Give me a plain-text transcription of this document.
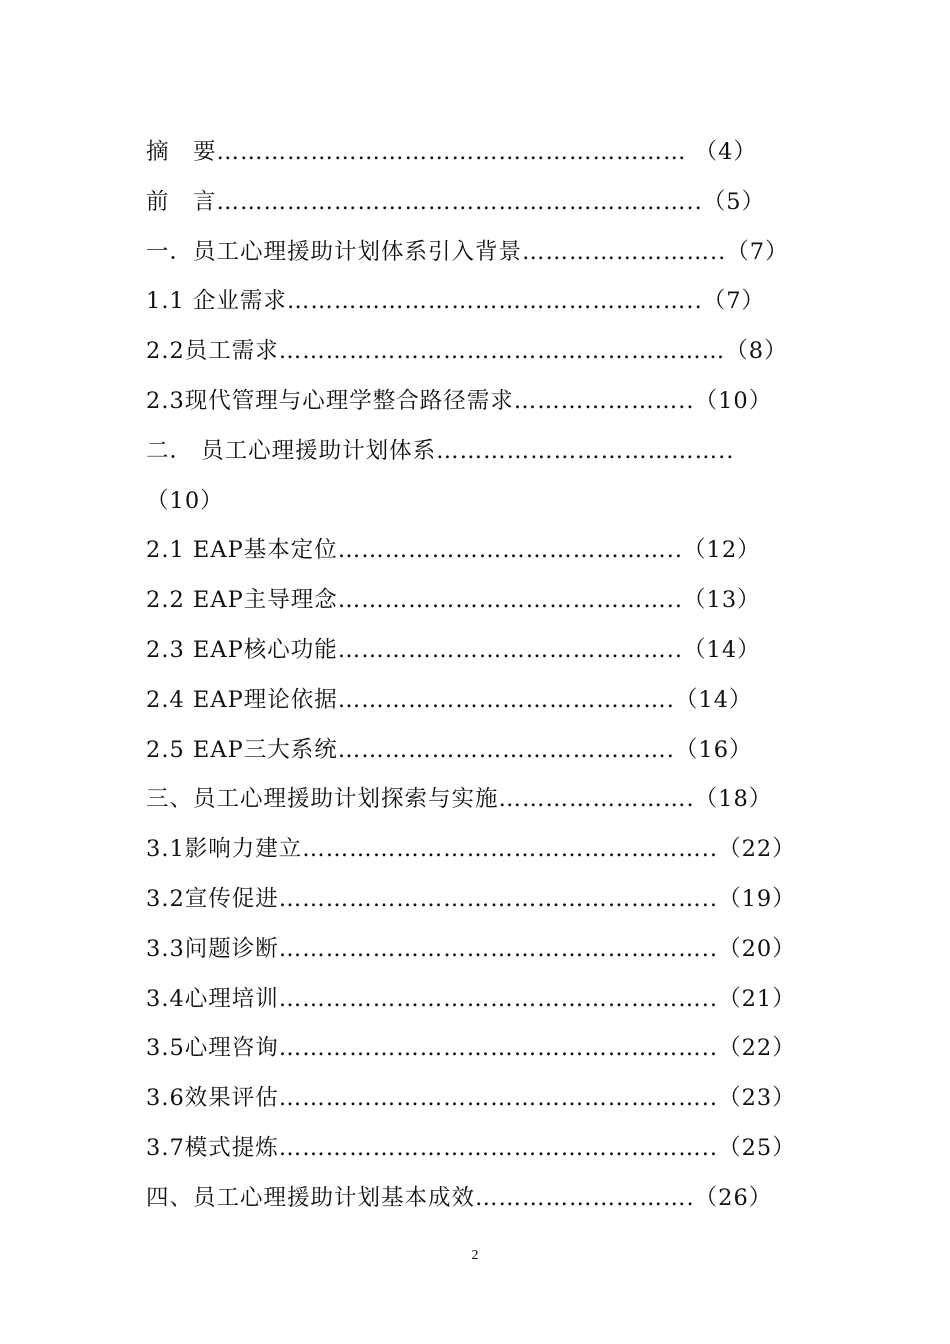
摘　要…………………………………………………… （4）
前　言……………………………………………………..（5）
一．员工心理援助计划体系引入背景……………………..（7）
1.1 企业需求……………………………………………..（7）
2.2员工需求…………………………………………………（8）
2.3现代管理与心理学整合路径需求…………………..（10）
二． 员工心理援助计划体系………………………………..
（10）
2.1 EAP基本定位……………………………………..（12）
2.2 EAP主导理念……………………………………..（13）
2.3 EAP核心功能……………………………………..（14）
2.4 EAP理论依据…………………………………….（14）
2.5 EAP三大系统…………………………………….（16）
三、员工心理援助计划探索与实施…………………….（18）
3.1影响力建立……………………………………………..（22）
3.2宣传促进………………………………………………..（19）
3.3问题诊断………………………………………………..（20）
3.4心理培训………………………………………………..（21）
3.5心理咨询………………………………………………..（22）
3.6效果评估………………………………………………..（23）
3.7模式提炼………………………………………………..（25）
四、员工心理援助计划基本成效……………………….（26）
2
